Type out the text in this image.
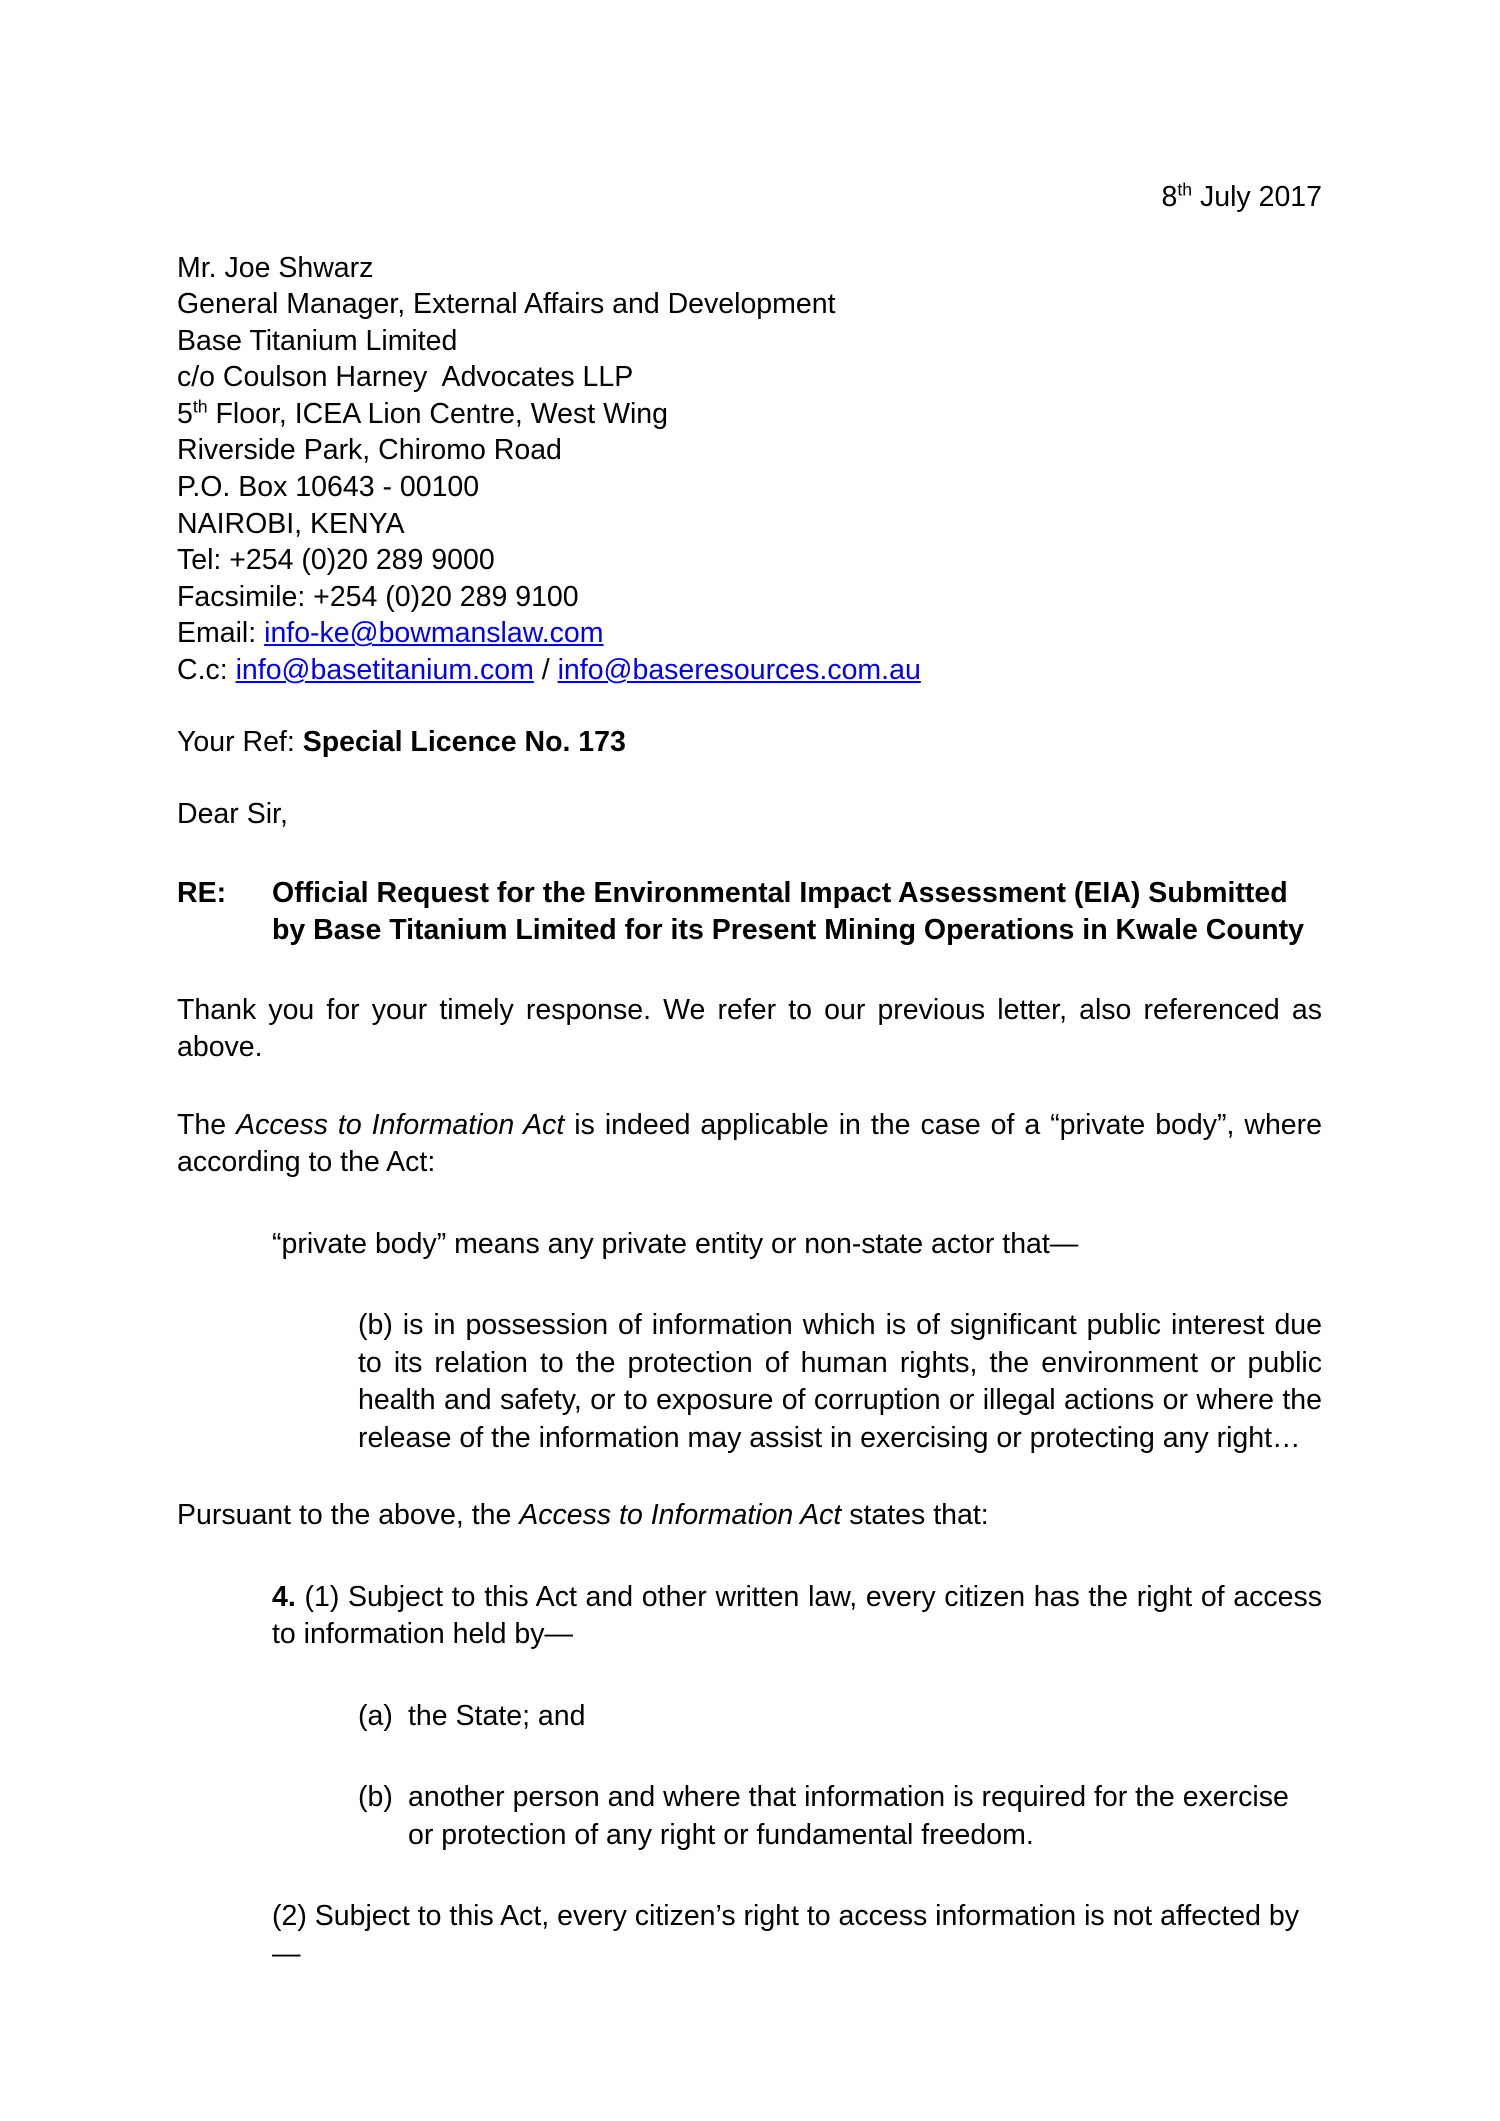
8th July 2017
Mr. Joe Shwarz
General Manager, External Affairs and Development
Base Titanium Limited
c/o Coulson Harney  Advocates LLP
5th Floor, ICEA Lion Centre, West Wing
Riverside Park, Chiromo Road
P.O. Box 10643 - 00100
NAIROBI, KENYA
Tel: +254 (0)20 289 9000
Facsimile: +254 (0)20 289 9100
Email: info-ke@bowmanslaw.com
C.c: info@basetitanium.com / info@baseresources.com.au
Your Ref: Special Licence No. 173
Dear Sir,
RE:	Official Request for the Environmental Impact Assessment (EIA) Submitted by Base Titanium Limited for its Present Mining Operations in Kwale County

Thank you for your timely response. We refer to our previous letter, also referenced as above.

The Access to Information Act is indeed applicable in the case of a “private body”, where according to the Act:

“private body” means any private entity or non-state actor that—

(b) is in possession of information which is of significant public interest due to its relation to the protection of human rights, the environment or public health and safety, or to exposure of corruption or illegal actions or where the release of the information may assist in exercising or protecting any right…

Pursuant to the above, the Access to Information Act states that:

4. (1) Subject to this Act and other written law, every citizen has the right of access to information held by—

(a) the State; and
(b) another person and where that information is required for the exercise or protection of any right or fundamental freedom.

(2) Subject to this Act, every citizen’s right to access information is not affected by—
